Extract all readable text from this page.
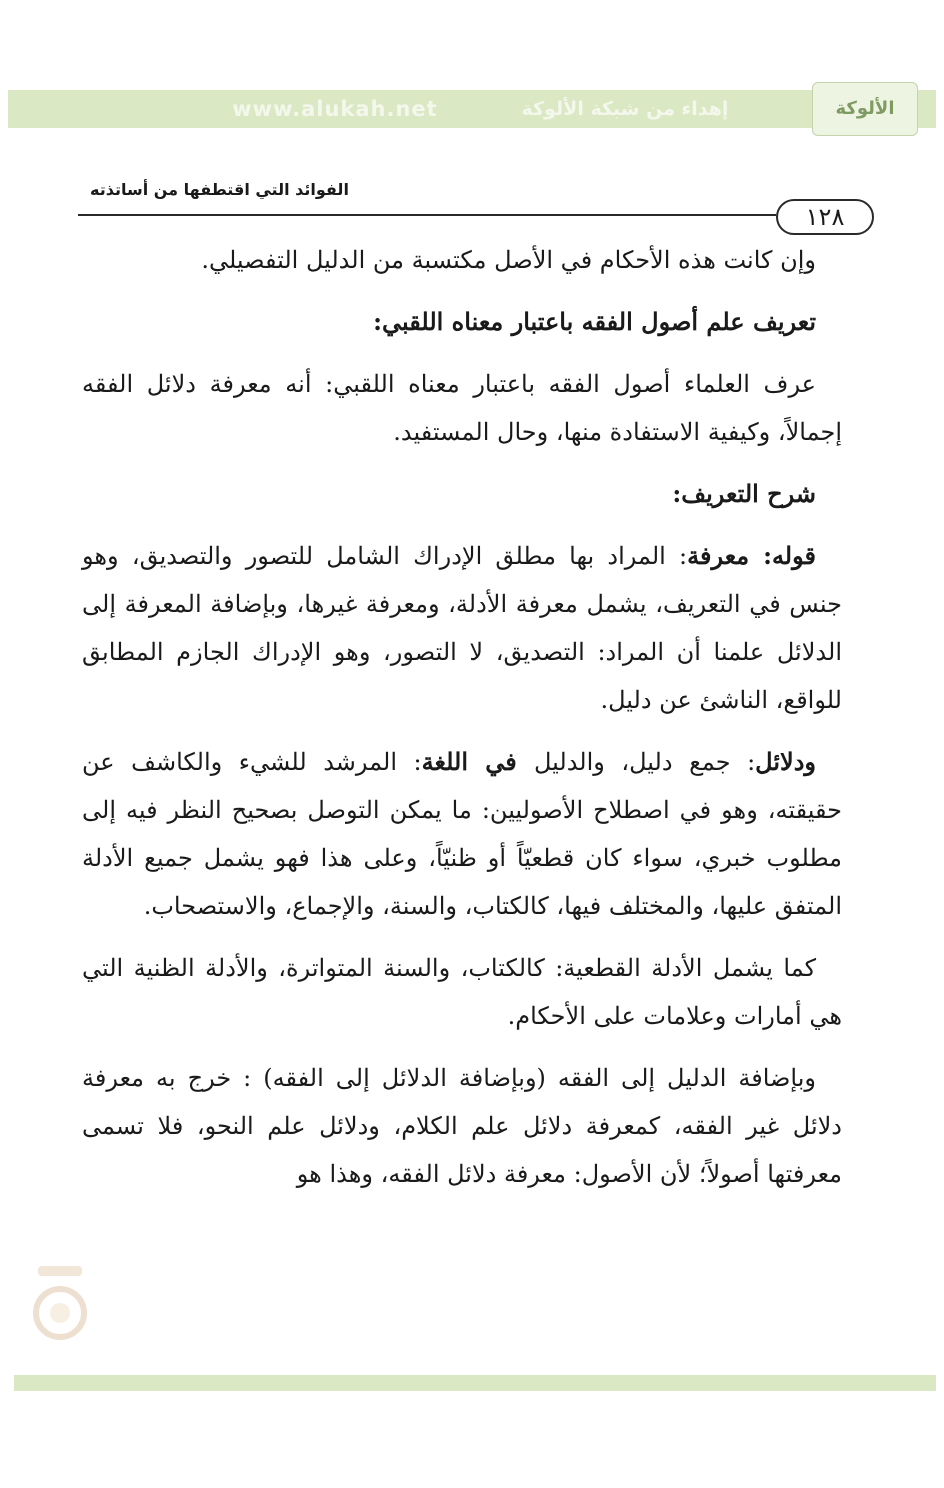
www.alukah.net	إهداء من شبكة الألوكة	الألوكة
١٢٨
الفوائد التي اقتطفها من أساتذته

وإن كانت هذه الأحكام في الأصل مكتسبة من الدليل التفصيلي.

تعريف علم أصول الفقه باعتبار معناه اللقبي:

عرف العلماء أصول الفقه باعتبار معناه اللقبي: أنه معرفة دلائل الفقه إجمالاً، وكيفية الاستفادة منها، وحال المستفيد.

شرح التعريف:

قوله: معرفة: المراد بها مطلق الإدراك الشامل للتصور والتصديق، وهو جنس في التعريف، يشمل معرفة الأدلة، ومعرفة غيرها، وبإضافة المعرفة إلى الدلائل علمنا أن المراد: التصديق، لا التصور، وهو الإدراك الجازم المطابق للواقع، الناشئ عن دليل.

ودلائل: جمع دليل، والدليل في اللغة: المرشد للشيء والكاشف عن حقيقته، وهو في اصطلاح الأصوليين: ما يمكن التوصل بصحيح النظر فيه إلى مطلوب خبري، سواء كان قطعيّاً أو ظنيّاً، وعلى هذا فهو يشمل جميع الأدلة المتفق عليها، والمختلف فيها، كالكتاب، والسنة، والإجماع، والاستصحاب.

كما يشمل الأدلة القطعية: كالكتاب، والسنة المتواترة، والأدلة الظنية التي هي أمارات وعلامات على الأحكام.

وبإضافة الدليل إلى الفقه (وبإضافة الدلائل إلى الفقه) : خرج به معرفة دلائل غير الفقه، كمعرفة دلائل علم الكلام، ودلائل علم النحو، فلا تسمى معرفتها أصولاً؛ لأن الأصول: معرفة دلائل الفقه، وهذا هو
